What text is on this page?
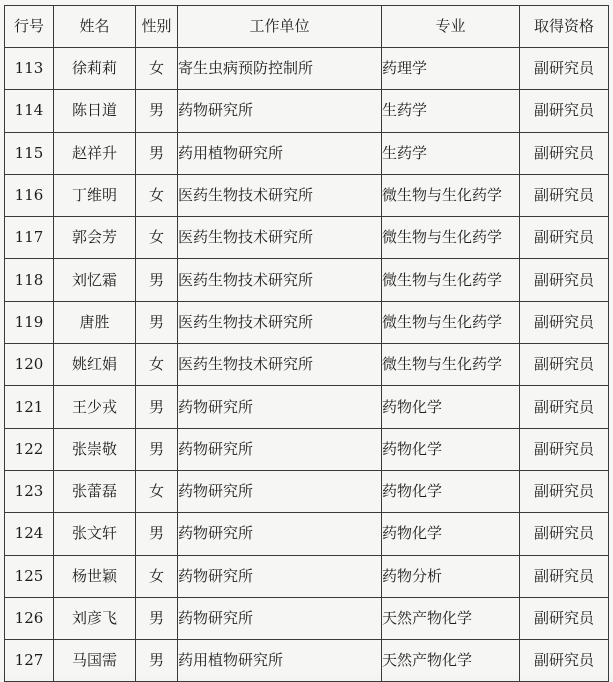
行号	姓名	性别	工作单位	专业	取得资格
113	徐莉莉	女	寄生虫病预防控制所	药理学	副研究员
114	陈日道	男	药物研究所	生药学	副研究员
115	赵祥升	男	药用植物研究所	生药学	副研究员
116	丁维明	女	医药生物技术研究所	微生物与生化药学	副研究员
117	郭会芳	女	医药生物技术研究所	微生物与生化药学	副研究员
118	刘忆霜	男	医药生物技术研究所	微生物与生化药学	副研究员
119	唐胜	男	医药生物技术研究所	微生物与生化药学	副研究员
120	姚红娟	女	医药生物技术研究所	微生物与生化药学	副研究员
121	王少戎	男	药物研究所	药物化学	副研究员
122	张崇敬	男	药物研究所	药物化学	副研究员
123	张蕾磊	女	药物研究所	药物化学	副研究员
124	张文轩	男	药物研究所	药物化学	副研究员
125	杨世颖	女	药物研究所	药物分析	副研究员
126	刘彦飞	男	药物研究所	天然产物化学	副研究员
127	马国需	男	药用植物研究所	天然产物化学	副研究员
